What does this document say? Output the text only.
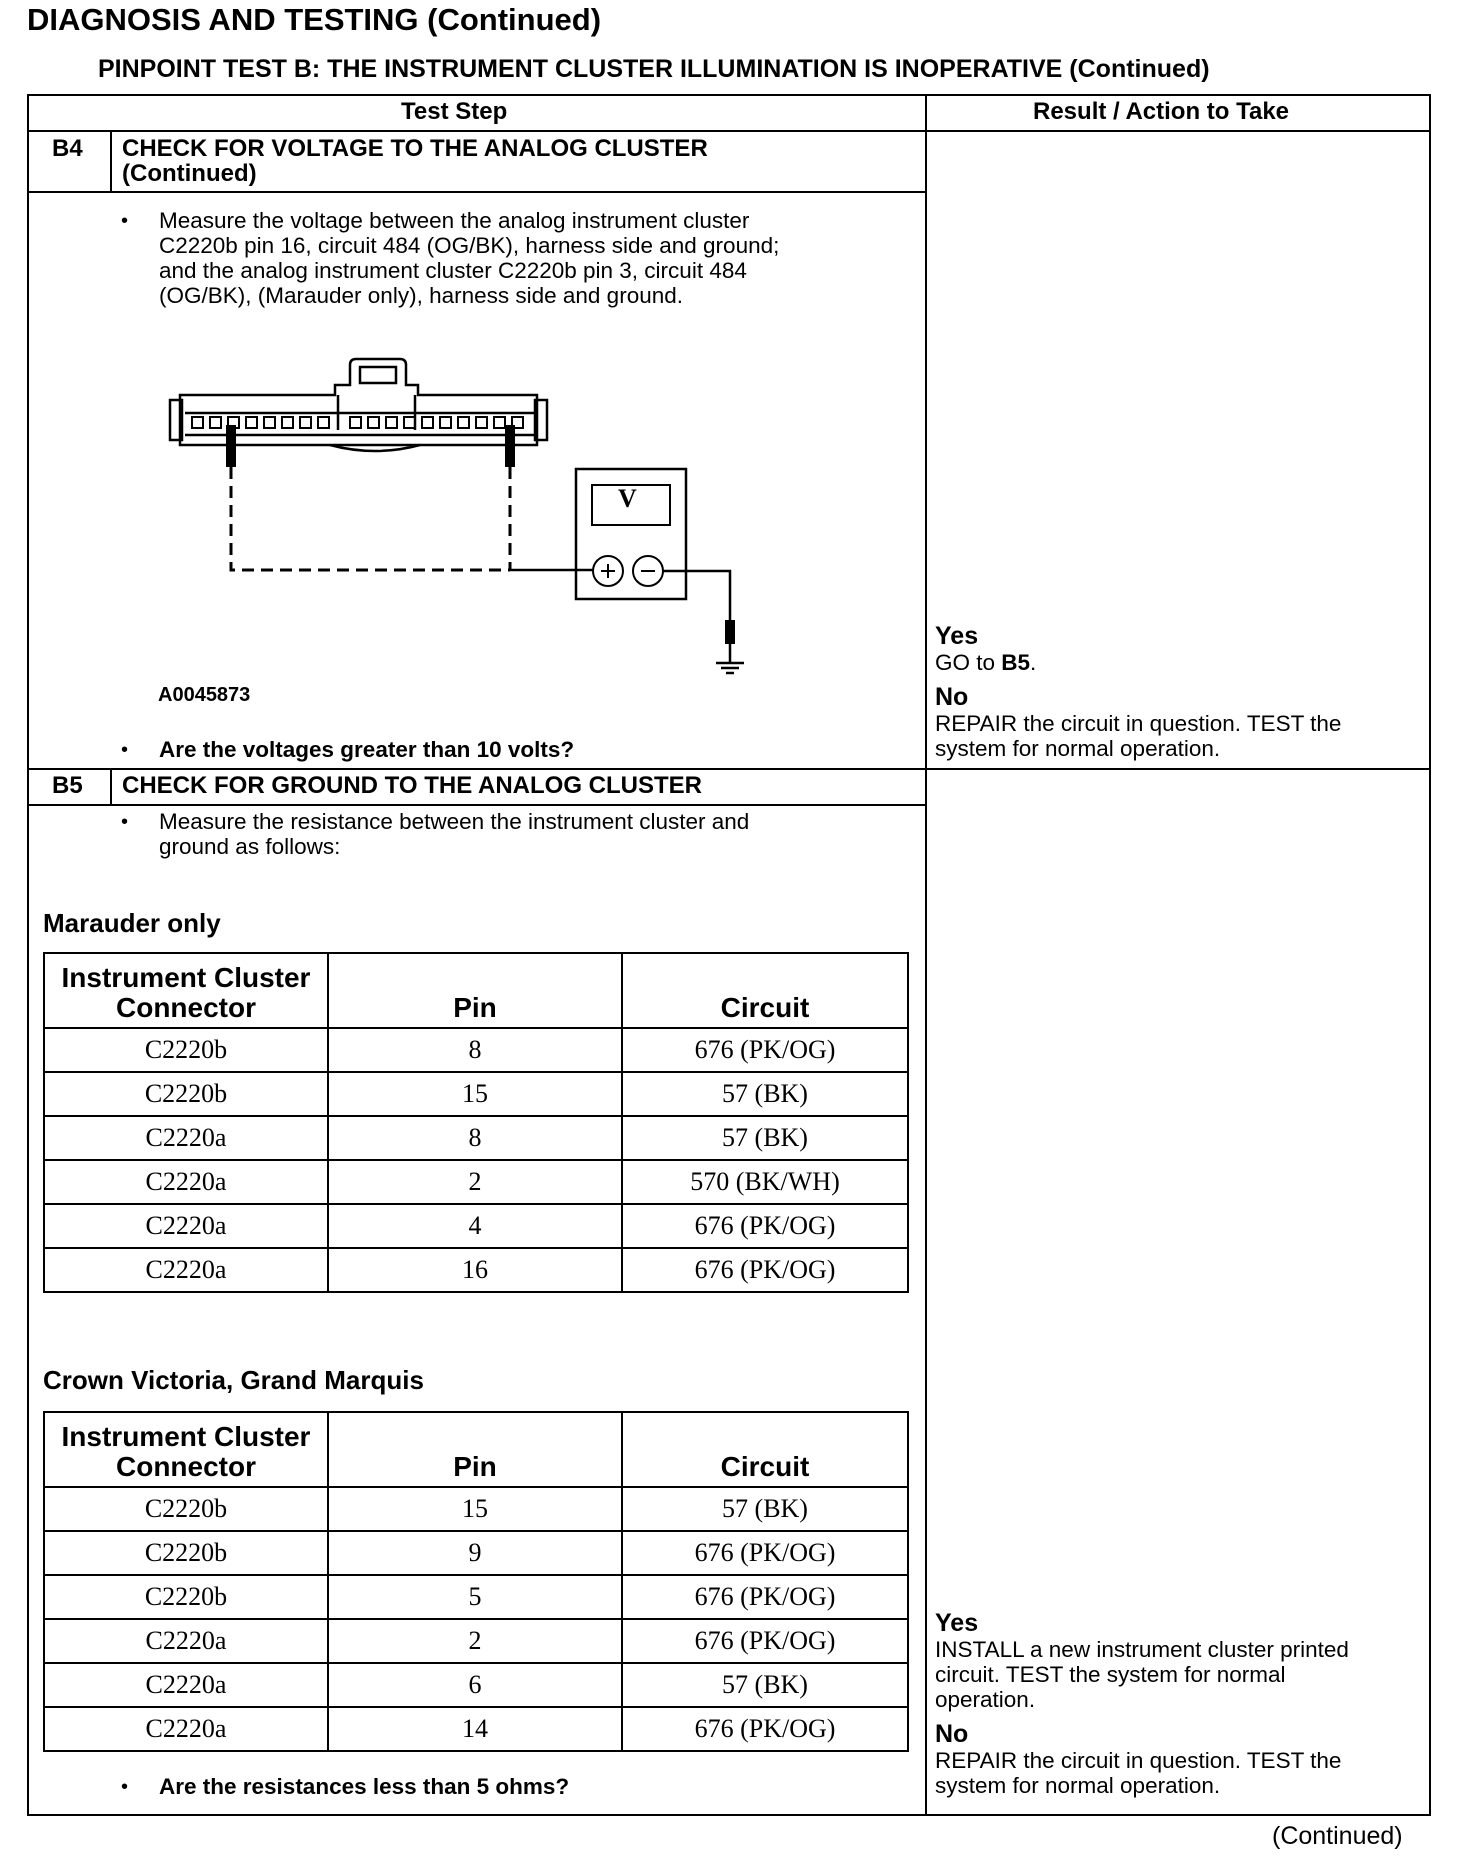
DIAGNOSIS AND TESTING (Continued)
PINPOINT TEST B: THE INSTRUMENT CLUSTER ILLUMINATION IS INOPERATIVE (Continued)
Test Step	Result / Action to Take
B4 CHECK FOR VOLTAGE TO THE ANALOG CLUSTER
(Continued)
• Measure the voltage between the analog instrument cluster
C2220b pin 16, circuit 484 (OG/BK), harness side and ground;
and the analog instrument cluster C2220b pin 3, circuit 484
(OG/BK), (Marauder only), harness side and ground.
V
A0045873
• Are the voltages greater than 10 volts?
Yes
GO to B5.
No
REPAIR the circuit in question. TEST the
system for normal operation.
B5 CHECK FOR GROUND TO THE ANALOG CLUSTER
• Measure the resistance between the instrument cluster and
ground as follows:
Marauder only
Instrument Cluster Connector	Pin	Circuit
C2220b	8	676 (PK/OG)
C2220b	15	57 (BK)
C2220a	8	57 (BK)
C2220a	2	570 (BK/WH)
C2220a	4	676 (PK/OG)
C2220a	16	676 (PK/OG)
Crown Victoria, Grand Marquis
Instrument Cluster Connector	Pin	Circuit
C2220b	15	57 (BK)
C2220b	9	676 (PK/OG)
C2220b	5	676 (PK/OG)
C2220a	2	676 (PK/OG)
C2220a	6	57 (BK)
C2220a	14	676 (PK/OG)
• Are the resistances less than 5 ohms?
Yes
INSTALL a new instrument cluster printed
circuit. TEST the system for normal
operation.
No
REPAIR the circuit in question. TEST the
system for normal operation.
(Continued)
